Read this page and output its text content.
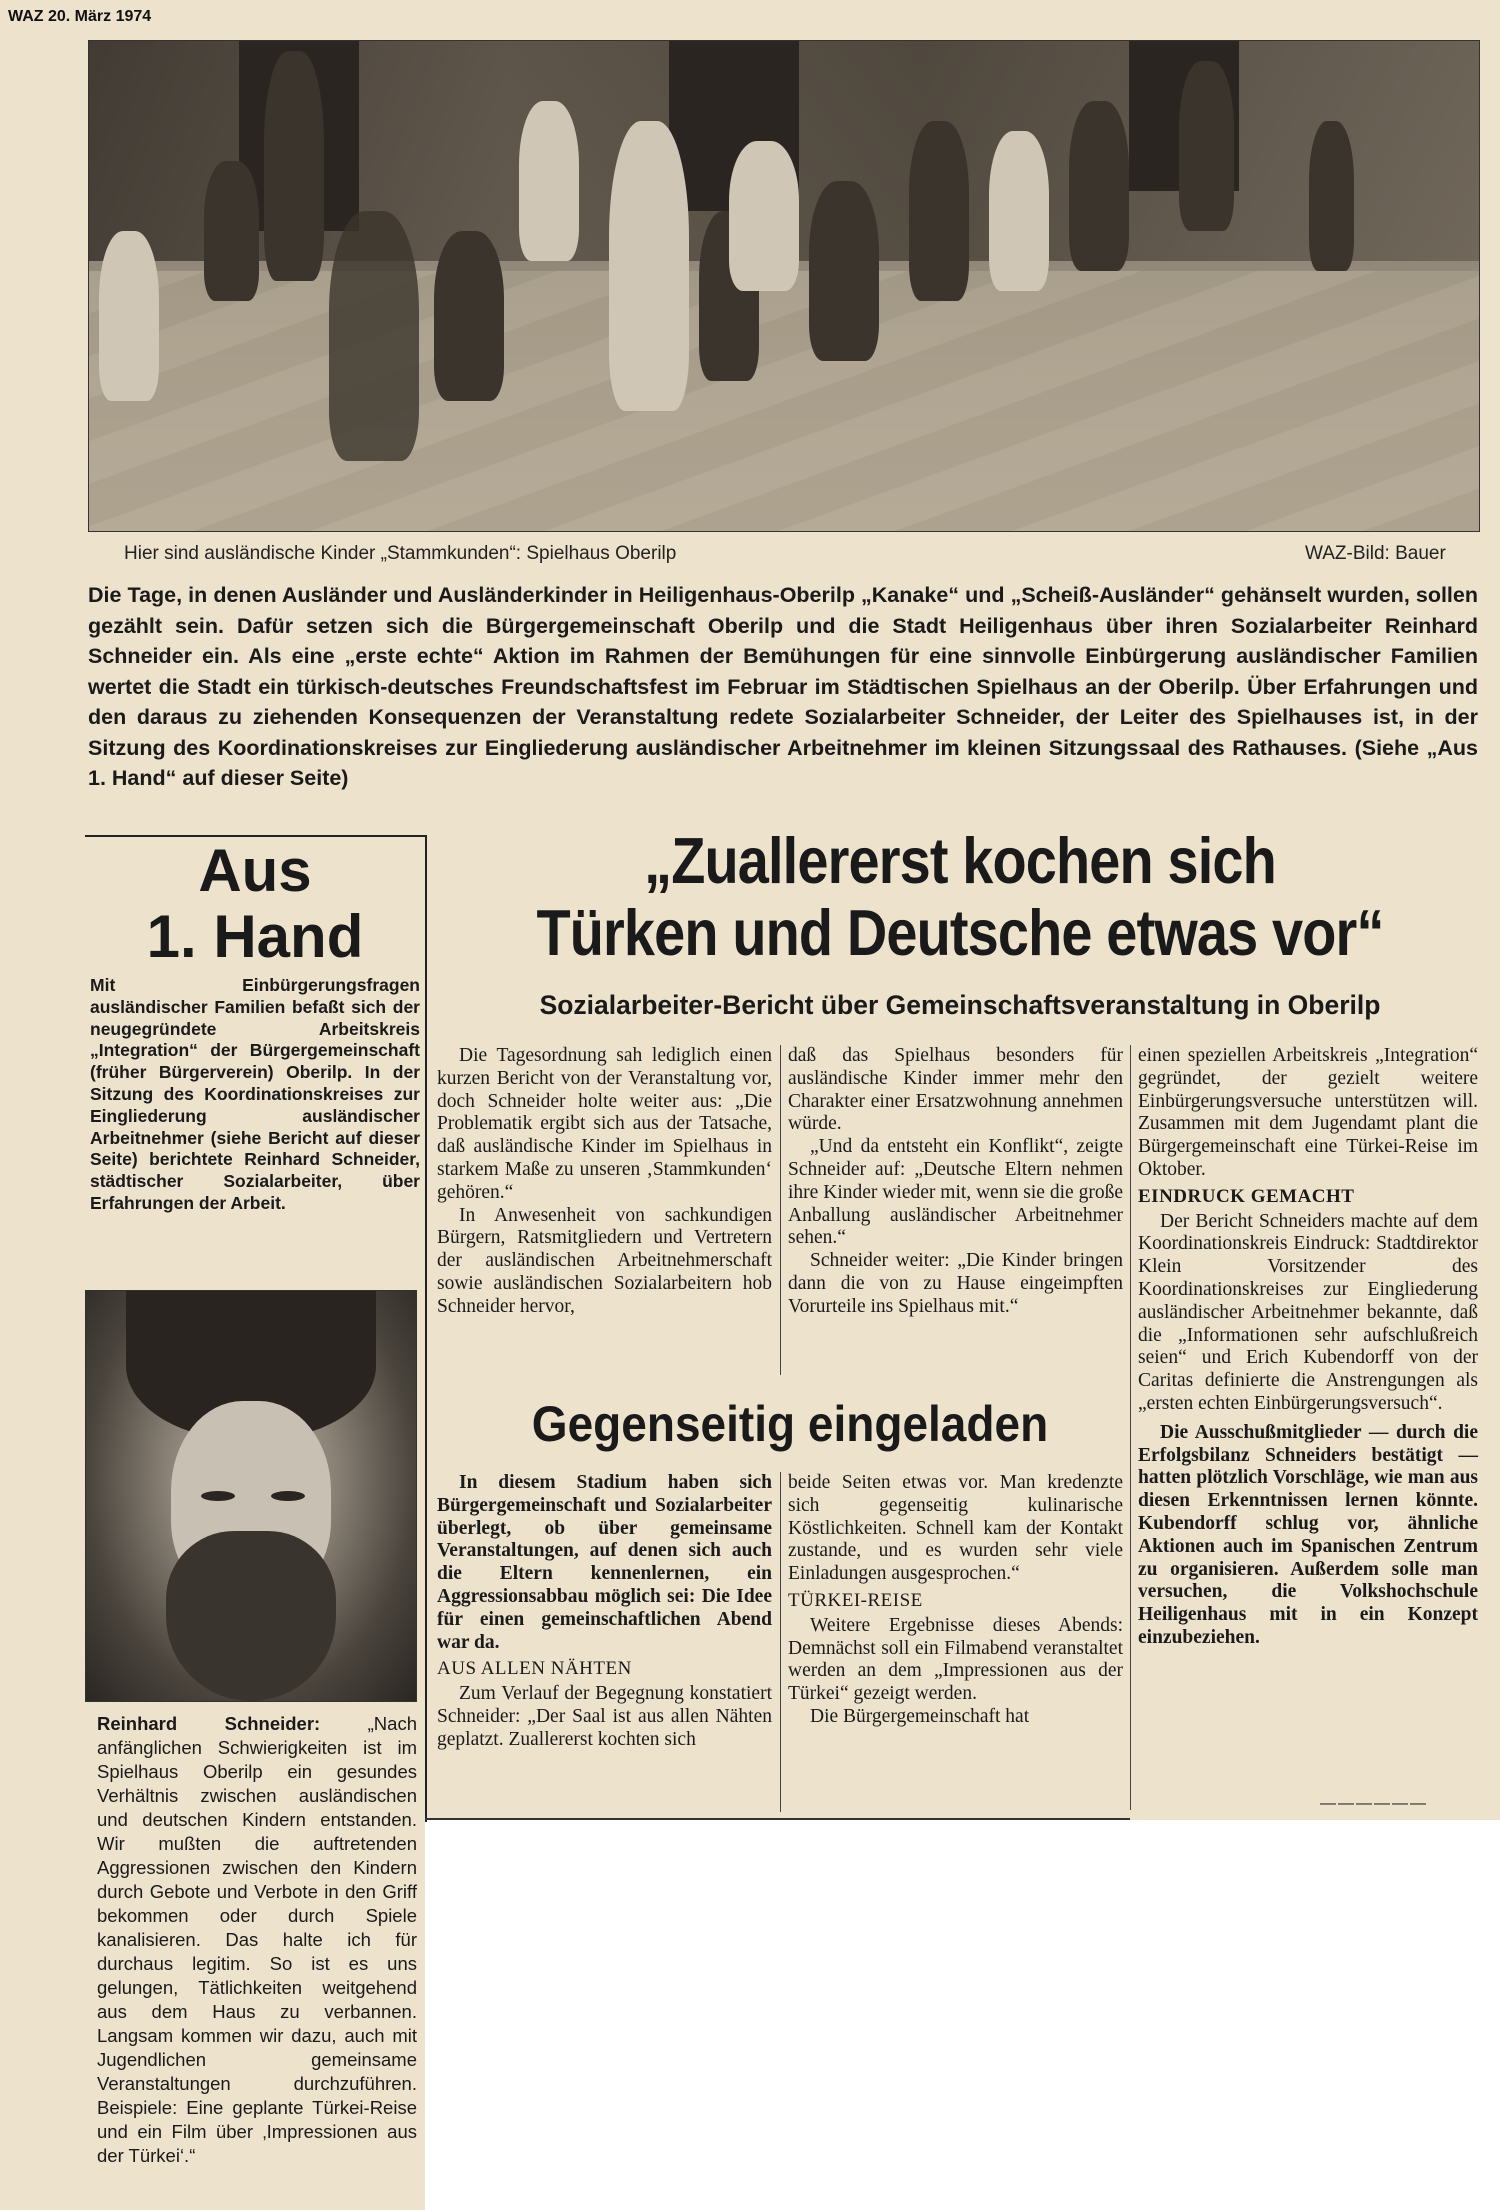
WAZ 20. März 1974
Hier sind ausländische Kinder „Stammkunden“: Spielhaus Oberilp	WAZ-Bild: Bauer
Die Tage, in denen Ausländer und Ausländerkinder in Heiligenhaus-Oberilp „Kanake“ und „Scheiß-Ausländer“ gehänselt wurden, sollen gezählt sein. Dafür setzen sich die Bürgergemeinschaft Oberilp und die Stadt Heiligenhaus über ihren Sozialarbeiter Reinhard Schneider ein. Als eine „erste echte“ Aktion im Rahmen der Bemühungen für eine sinnvolle Einbürgerung ausländischer Familien wertet die Stadt ein türkisch-deutsches Freundschaftsfest im Februar im Städtischen Spielhaus an der Oberilp. Über Erfahrungen und den daraus zu ziehenden Konsequenzen der Veranstaltung redete Sozialarbeiter Schneider, der Leiter des Spielhauses ist, in der Sitzung des Koordinationskreises zur Eingliederung ausländischer Arbeitnehmer im kleinen Sitzungssaal des Rathauses. (Siehe „Aus 1. Hand“ auf dieser Seite)
Aus
1. Hand
Mit Einbürgerungsfragen ausländischer Familien befaßt sich der neugegründete Arbeitskreis „Integration“ der Bürgergemeinschaft (früher Bürgerverein) Oberilp. In der Sitzung des Koordinationskreises zur Eingliederung ausländischer Arbeitnehmer (siehe Bericht auf dieser Seite) berichtete Reinhard Schneider, städtischer Sozialarbeiter, über Erfahrungen der Arbeit.
Reinhard Schneider:	„Nach anfänglichen Schwierigkeiten ist im Spielhaus Oberilp ein gesundes Verhältnis zwischen ausländischen und deutschen Kindern entstanden. Wir mußten die auftretenden Aggressionen zwischen den Kindern durch Gebote und Verbote in den Griff bekommen oder durch Spiele kanalisieren. Das halte ich für durchaus legitim. So ist es uns gelungen, Tätlichkeiten weitgehend aus dem Haus zu verbannen. Langsam kommen wir dazu, auch mit Jugendlichen gemeinsame Veranstaltungen durchzuführen. Beispiele: Eine geplante Türkei-Reise und ein Film über ‚Impressionen aus der Türkei‘.“
„Zuallererst kochen sich
Türken und Deutsche etwas vor“
Sozialarbeiter-Bericht über Gemeinschaftsveranstaltung in Oberilp

Die Tagesordnung sah lediglich einen kurzen Bericht von der Veranstaltung vor, doch Schneider holte weiter aus: „Die Problematik ergibt sich aus der Tatsache, daß ausländische Kinder im Spielhaus in starkem Maße zu unseren ‚Stammkunden‘ gehören.“

In Anwesenheit von sachkundigen Bürgern, Ratsmitgliedern und Vertretern der ausländischen Arbeitnehmerschaft sowie ausländischen Sozialarbeitern hob Schneider hervor,

daß das Spielhaus besonders für ausländische Kinder immer mehr den Charakter einer Ersatzwohnung annehmen würde.

„Und da entsteht ein Konflikt“, zeigte Schneider auf: „Deutsche Eltern nehmen ihre Kinder wieder mit, wenn sie die große Anballung ausländischer Arbeitnehmer sehen.“

Schneider weiter: „Die Kinder bringen dann die von zu Hause eingeimpften Vorurteile ins Spielhaus mit.“

einen speziellen Arbeitskreis „Integration“ gegründet, der gezielt weitere Einbürgerungsversuche unterstützen will. Zusammen mit dem Jugendamt plant die Bürgergemeinschaft eine Türkei-Reise im Oktober.

EINDRUCK GEMACHT

Der Bericht Schneiders machte auf dem Koordinationskreis Eindruck: Stadtdirektor Klein Vorsitzender des Koordinationskreises zur Eingliederung ausländischer Arbeitnehmer bekannte, daß die „Informationen sehr aufschlußreich seien“ und Erich Kubendorff von der Caritas definierte die Anstrengungen als „ersten echten Einbürgerungsversuch“.

Die Ausschußmitglieder — durch die Erfolgsbilanz Schneiders bestätigt — hatten plötzlich Vorschläge, wie man aus diesen Erkenntnissen lernen könnte. Kubendorff schlug vor, ähnliche Aktionen auch im Spanischen Zentrum zu organisieren. Außerdem solle man versuchen, die Volkshochschule Heiligenhaus mit in ein Konzept einzubeziehen.

Gegenseitig eingeladen

In diesem Stadium haben sich Bürgergemeinschaft und Sozialarbeiter überlegt, ob über gemeinsame Veranstaltungen, auf denen sich auch die Eltern kennenlernen, ein Aggressionsabbau möglich sei: Die Idee für einen gemeinschaftlichen Abend war da.

AUS ALLEN NÄHTEN

Zum Verlauf der Begegnung konstatiert Schneider: „Der Saal ist aus allen Nähten geplatzt. Zuallererst kochten sich

beide Seiten etwas vor. Man kredenzte sich gegenseitig kulinarische Köstlichkeiten. Schnell kam der Kontakt zustande, und es wurden sehr viele Einladungen ausgesprochen.“

TÜRKEI-REISE

Weitere Ergebnisse dieses Abends: Demnächst soll ein Filmabend veranstaltet werden an dem „Impressionen aus der Türkei“ gezeigt werden.

Die Bürgergemeinschaft hat

——————
